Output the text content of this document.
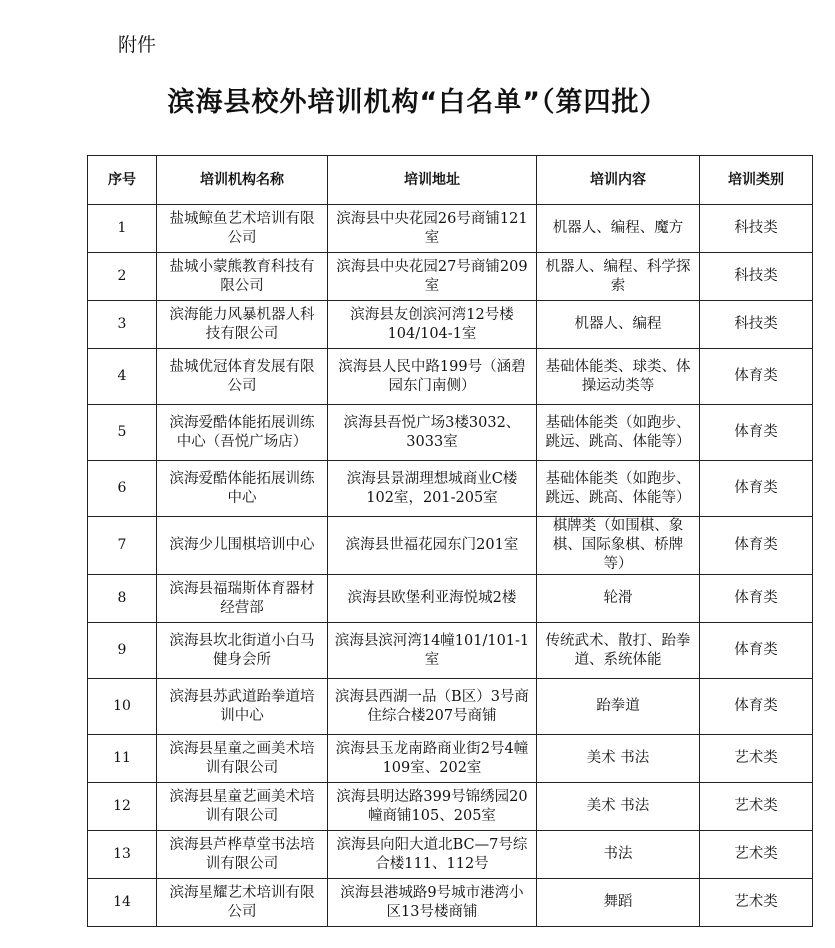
附件
滨海县校外培训机构“白名单”（第四批）
序号	培训机构名称	培训地址	培训内容	培训类别
1	盐城鲸鱼艺术培训有限公司	滨海县中央花园26号商铺121室	机器人、编程、魔方	科技类
2	盐城小蒙熊教育科技有限公司	滨海县中央花园27号商铺209室	机器人、编程、科学探索	科技类
3	滨海能力风暴机器人科技有限公司	滨海县友创滨河湾12号楼104/104-1室	机器人、编程	科技类
4	盐城优冠体育发展有限公司	滨海县人民中路199号（涵碧园东门南侧）	基础体能类、球类、体操运动类等	体育类
5	滨海爱酷体能拓展训练中心（吾悦广场店）	滨海县吾悦广场3楼3032、3033室	基础体能类（如跑步、跳远、跳高、体能等）	体育类
6	滨海爱酷体能拓展训练中心	滨海县景湖理想城商业C楼102室，201-205室	基础体能类（如跑步、跳远、跳高、体能等）	体育类
7	滨海少儿围棋培训中心	滨海县世福花园东门201室	棋牌类（如围棋、象棋、国际象棋、桥牌等）	体育类
8	滨海县福瑞斯体育器材经营部	滨海县欧堡利亚海悦城2楼	轮滑	体育类
9	滨海县坎北街道小白马健身会所	滨海县滨河湾14幢101/101-1室	传统武术、散打、跆拳道、系统体能	体育类
10	滨海县苏武道跆拳道培训中心	滨海县西湖一品（B区）3号商住综合楼207号商铺	跆拳道	体育类
11	滨海县星童之画美术培训有限公司	滨海县玉龙南路商业街2号4幢109室、202室	美术 书法	艺术类
12	滨海县星童艺画美术培训有限公司	滨海县明达路399号锦绣园20幢商铺105、205室	美术 书法	艺术类
13	滨海县芦桦草堂书法培训有限公司	滨海县向阳大道北BC—7号综合楼111、112号	书法	艺术类
14	滨海星耀艺术培训有限公司	滨海县港城路9号城市港湾小区13号楼商铺	舞蹈	艺术类
